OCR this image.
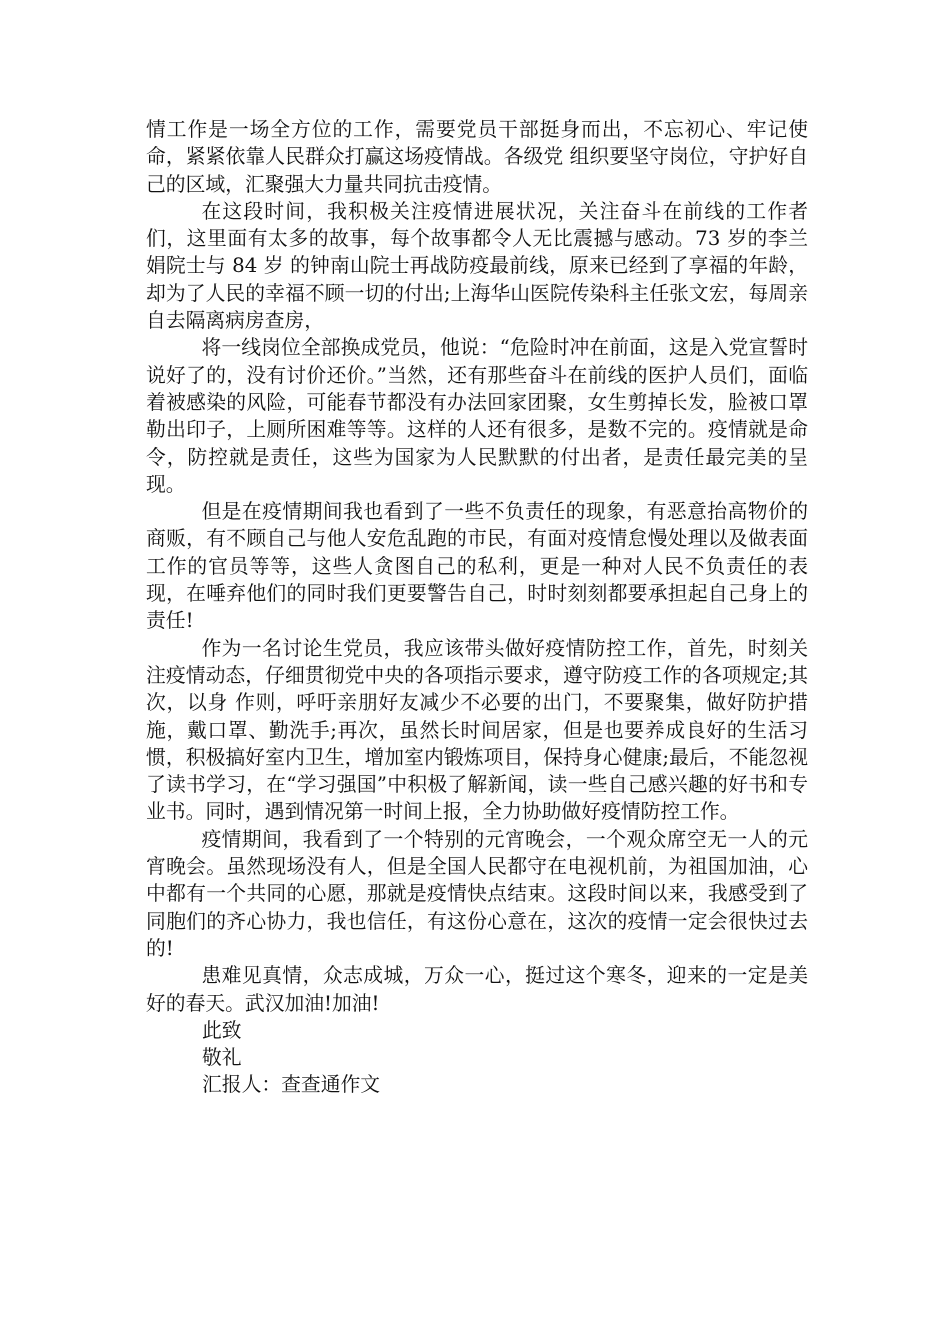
情工作是一场全方位的工作，需要党员干部挺身而出，不忘初心、牢记使命，紧紧依靠人民群众打赢这场疫情战。各级党 组织要坚守岗位，守护好自己的区域，汇聚强大力量共同抗击疫情。

在这段时间，我积极关注疫情进展状况，关注奋斗在前线的工作者们，这里面有太多的故事，每个故事都令人无比震撼与感动。73 岁的李兰娟院士与 84 岁 的钟南山院士再战防疫最前线，原来已经到了享福的年龄，却为了人民的幸福不顾一切的付出;上海华山医院传染科主任张文宏，每周亲自去隔离病房查房，

将一线岗位全部换成党员，他说：“危险时冲在前面，这是入党宣誓时说好了的，没有讨价还价。”当然，还有那些奋斗在前线的医护人员们，面临着被感染的风险，可能春节都没有办法回家团聚，女生剪掉长发，脸被口罩勒出印子，上厕所困难等等。这样的人还有很多，是数不完的。疫情就是命令，防控就是责任，这些为国家为人民默默的付出者，是责任最完美的呈现。

但是在疫情期间我也看到了一些不负责任的现象，有恶意抬高物价的商贩，有不顾自己与他人安危乱跑的市民，有面对疫情怠慢处理以及做表面工作的官员等等，这些人贪图自己的私利，更是一种对人民不负责任的表现，在唾弃他们的同时我们更要警告自己，时时刻刻都要承担起自己身上的责任!

作为一名讨论生党员，我应该带头做好疫情防控工作，首先，时刻关注疫情动态，仔细贯彻党中央的各项指示要求，遵守防疫工作的各项规定;其次，以身 作则，呼吁亲朋好友减少不必要的出门，不要聚集，做好防护措施，戴口罩、勤洗手;再次，虽然长时间居家，但是也要养成良好的生活习惯，积极搞好室内卫生，增加室内锻炼项目，保持身心健康;最后，不能忽视了读书学习，在“学习强国”中积极了解新闻，读一些自己感兴趣的好书和专业书。同时，遇到情况第一时间上报，全力协助做好疫情防控工作。

疫情期间，我看到了一个特别的元宵晚会，一个观众席空无一人的元宵晚会。虽然现场没有人，但是全国人民都守在电视机前，为祖国加油，心中都有一个共同的心愿，那就是疫情快点结束。这段时间以来，我感受到了同胞们的齐心协力，我也信任，有这份心意在，这次的疫情一定会很快过去的!

患难见真情，众志成城，万众一心，挺过这个寒冬，迎来的一定是美好的春天。武汉加油!加油!

此致

敬礼

汇报人：查查通作文
